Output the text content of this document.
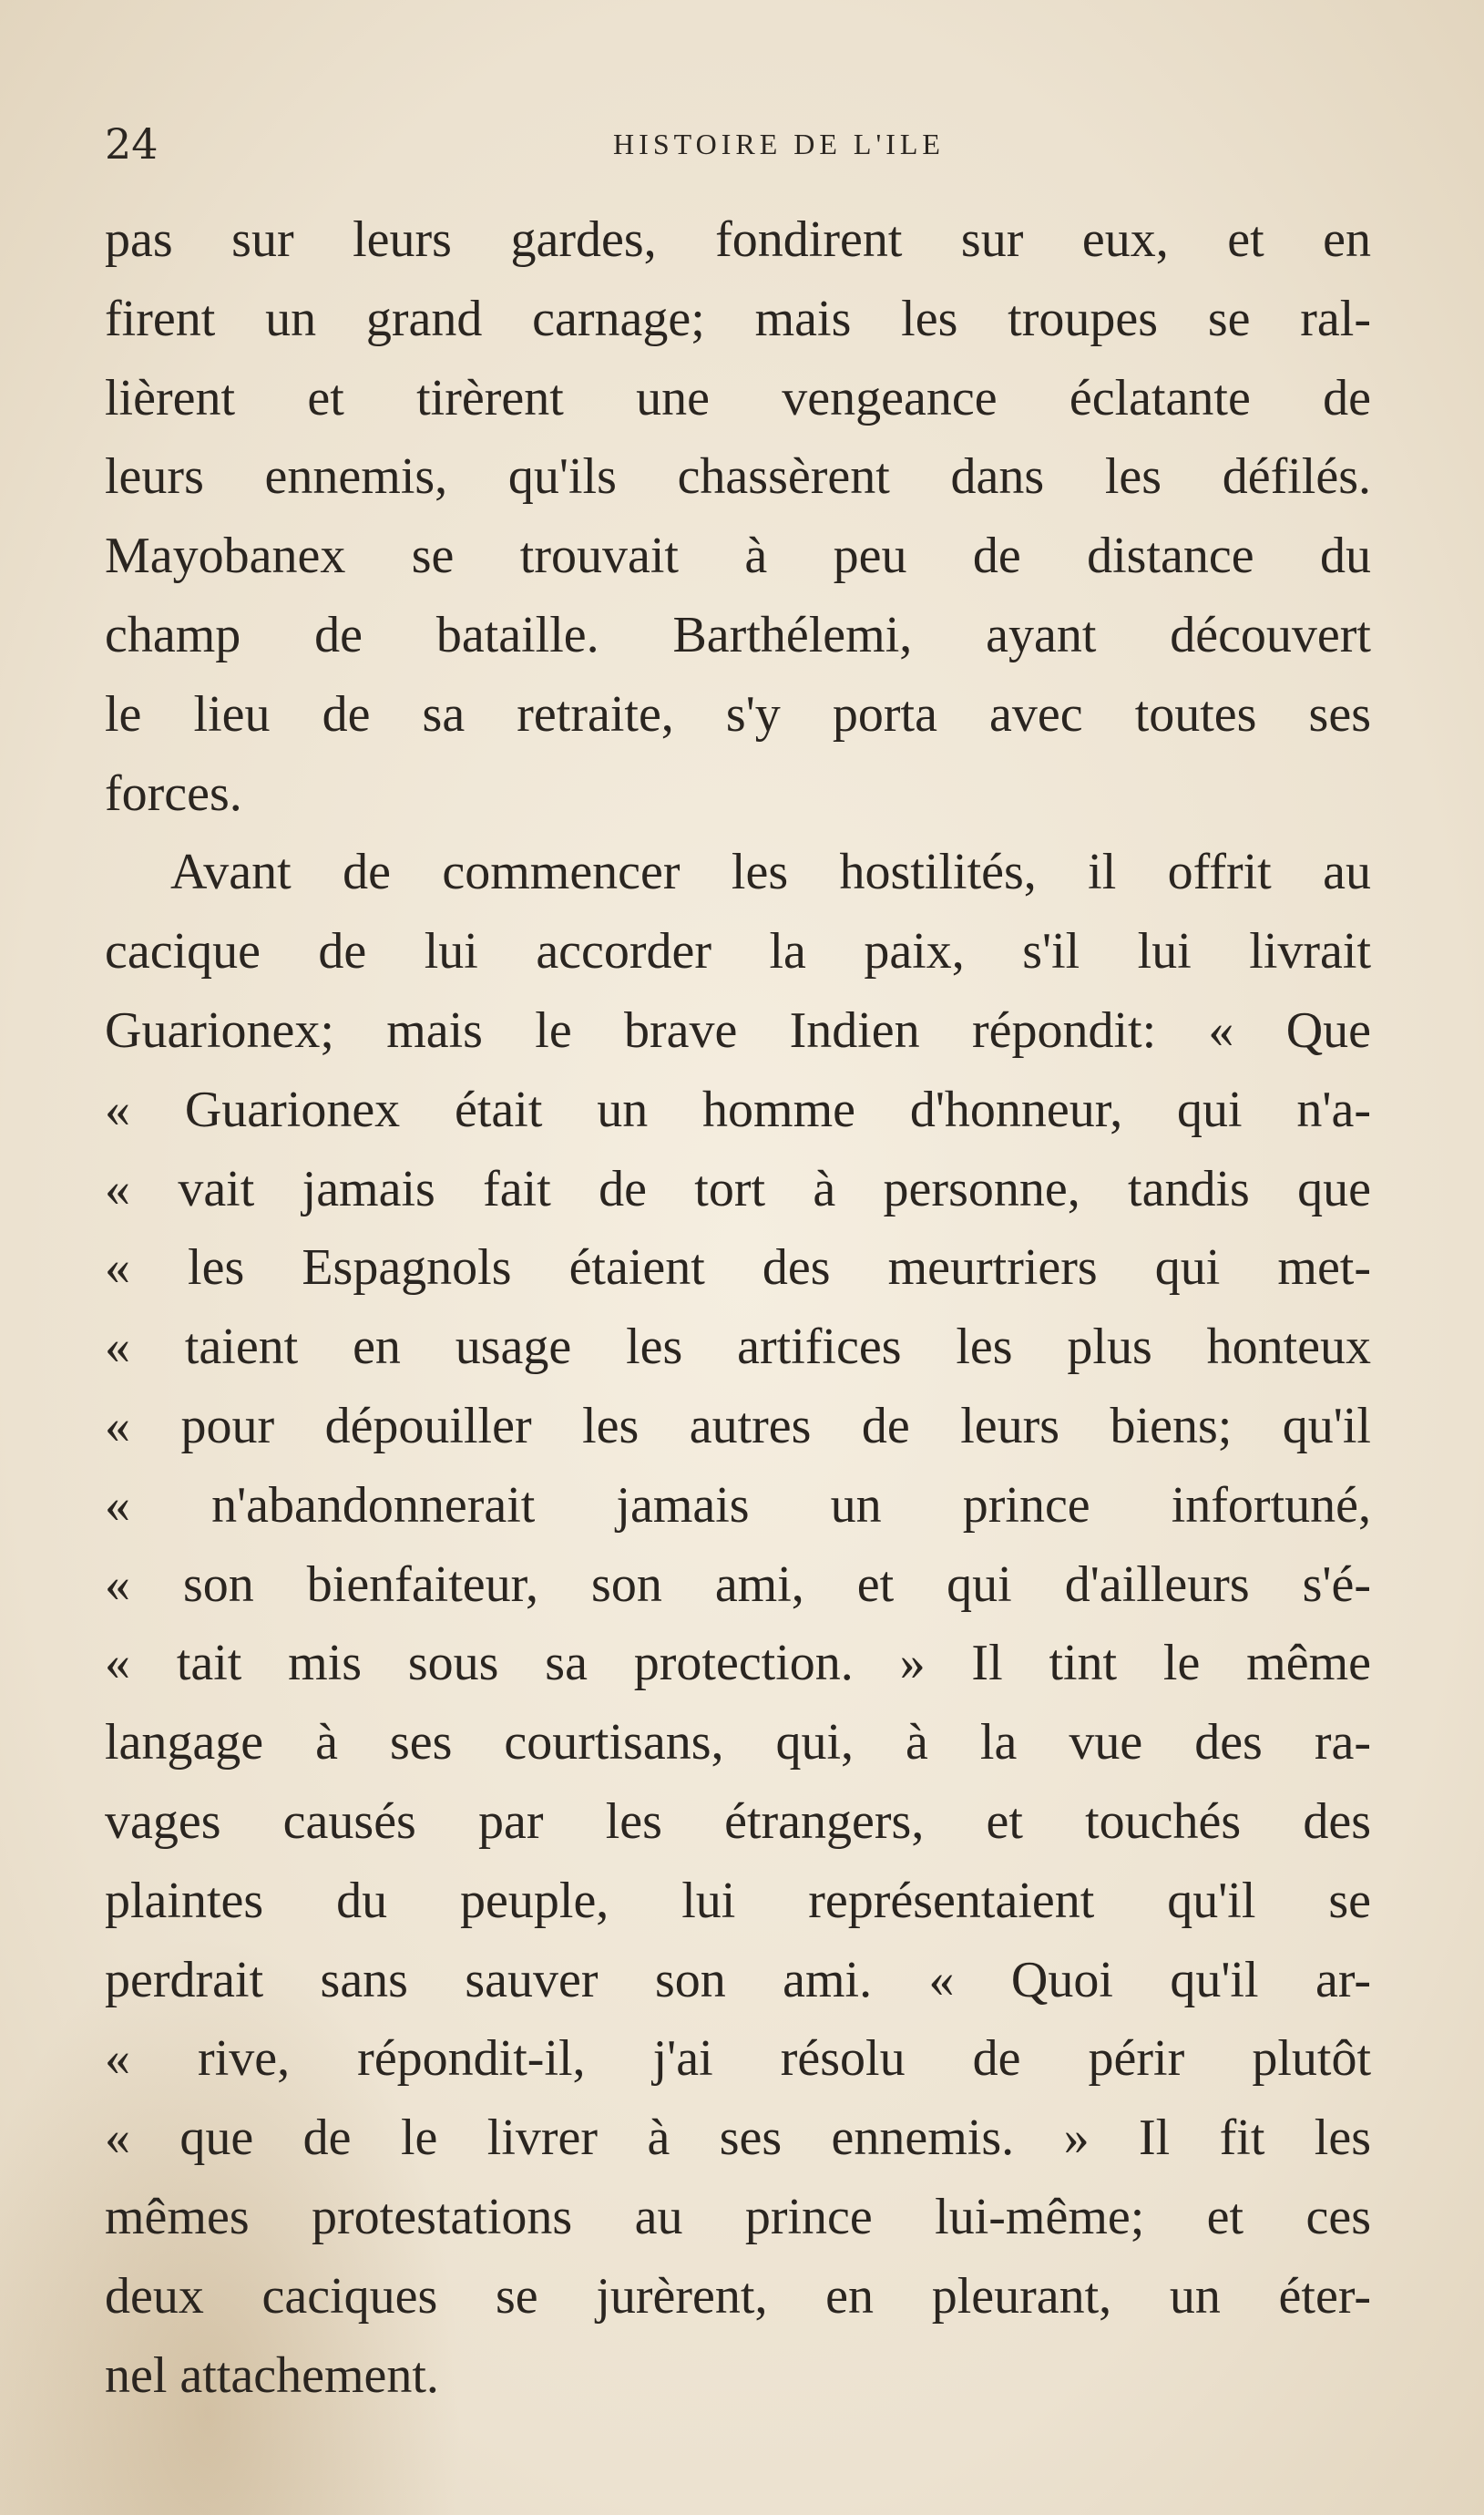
24	HISTOIRE DE L'ILE

pas sur leurs gardes, fondirent sur eux, et en
firent un grand carnage; mais les troupes se ral-
lièrent et tirèrent une vengeance éclatante de
leurs ennemis, qu'ils chassèrent dans les défilés.
Mayobanex se trouvait à peu de distance du
champ de bataille. Barthélemi, ayant découvert
le lieu de sa retraite, s'y porta avec toutes ses
forces.

Avant de commencer les hostilités, il offrit au
cacique de lui accorder la paix, s'il lui livrait
Guarionex; mais le brave Indien répondit: « Que
« Guarionex était un homme d'honneur, qui n'a-
« vait jamais fait de tort à personne, tandis que
« les Espagnols étaient des meurtriers qui met-
« taient en usage les artifices les plus honteux
« pour dépouiller les autres de leurs biens; qu'il
« n'abandonnerait jamais un prince infortuné,
« son bienfaiteur, son ami, et qui d'ailleurs s'é-
« tait mis sous sa protection. » Il tint le même
langage à ses courtisans, qui, à la vue des ra-
vages causés par les étrangers, et touchés des
plaintes du peuple, lui représentaient qu'il se
perdrait sans sauver son ami. « Quoi qu'il ar-
« rive, répondit-il, j'ai résolu de périr plutôt
« que de le livrer à ses ennemis. » Il fit les
mêmes protestations au prince lui-même; et ces
deux caciques se jurèrent, en pleurant, un éter-
nel attachement.
